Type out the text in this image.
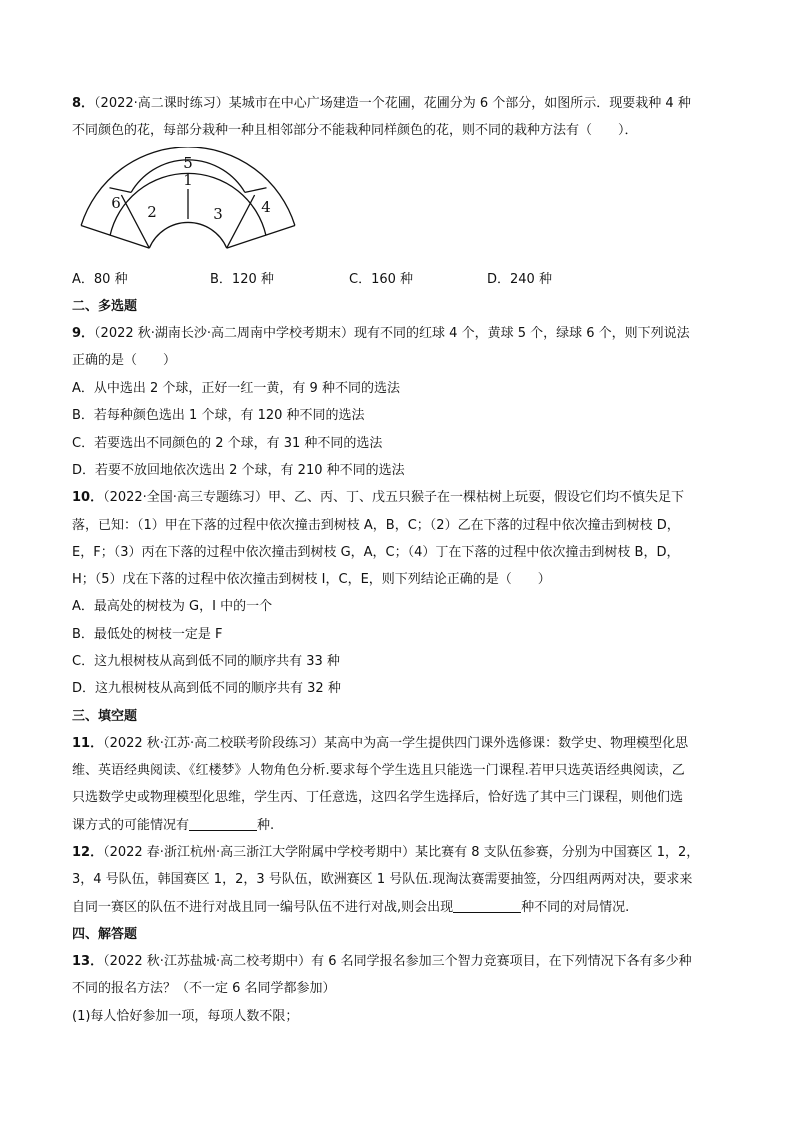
8．（2022·高二课时练习）某城市在中心广场建造一个花圃，花圃分为 6 个部分，如图所示．现要栽种 4 种
不同颜色的花，每部分栽种一种且相邻部分不能栽种同样颜色的花，则不同的栽种方法有（　　）．
5
1
6 2	3	4
A．80 种	B．120 种	C．160 种	D．240 种
二、多选题
9．（2022 秋·湖南长沙·高二周南中学校考期末）现有不同的红球 4 个，黄球 5 个，绿球 6 个，则下列说法
正确的是（　　）
A．从中选出 2 个球，正好一红一黄，有 9 种不同的选法
B．若每种颜色选出 1 个球，有 120 种不同的选法
C．若要选出不同颜色的 2 个球，有 31 种不同的选法
D．若要不放回地依次选出 2 个球，有 210 种不同的选法
10．（2022·全国·高三专题练习）甲、乙、丙、丁、戊五只猴子在一棵枯树上玩耍，假设它们均不慎失足下
落，已知：（1）甲在下落的过程中依次撞击到树枝 A，B，C；（2）乙在下落的过程中依次撞击到树枝 D，
E，F；（3）丙在下落的过程中依次撞击到树枝 G，A，C；（4）丁在下落的过程中依次撞击到树枝 B，D，
H；（5）戊在下落的过程中依次撞击到树枝 I，C，E，则下列结论正确的是（　　）
A．最高处的树枝为 G，I 中的一个
B．最低处的树枝一定是 F
C．这九根树枝从高到低不同的顺序共有 33 种
D．这九根树枝从高到低不同的顺序共有 32 种
三、填空题
11．（2022 秋·江苏·高二校联考阶段练习）某高中为高一学生提供四门课外选修课：数学史、物理模型化思
维、英语经典阅读、《红楼梦》人物角色分析.要求每个学生选且只能选一门课程.若甲只选英语经典阅读，乙
只选数学史或物理模型化思维，学生丙、丁任意选，这四名学生选择后，恰好选了其中三门课程，则他们选
课方式的可能情况有	种.
12．（2022 春·浙江杭州·高三浙江大学附属中学校考期中）某比赛有 8 支队伍参赛，分别为中国赛区 1，2，
3，4 号队伍，韩国赛区 1，2，3 号队伍，欧洲赛区 1 号队伍.现淘汰赛需要抽签，分四组两两对决，要求来
自同一赛区的队伍不进行对战且同一编号队伍不进行对战,则会出现	种不同的对局情况.
四、解答题
13．（2022 秋·江苏盐城·高二校考期中）有 6 名同学报名参加三个智力竞赛项目，在下列情况下各有多少种
不同的报名方法？（不一定 6 名同学都参加）
(1)每人恰好参加一项，每项人数不限；
